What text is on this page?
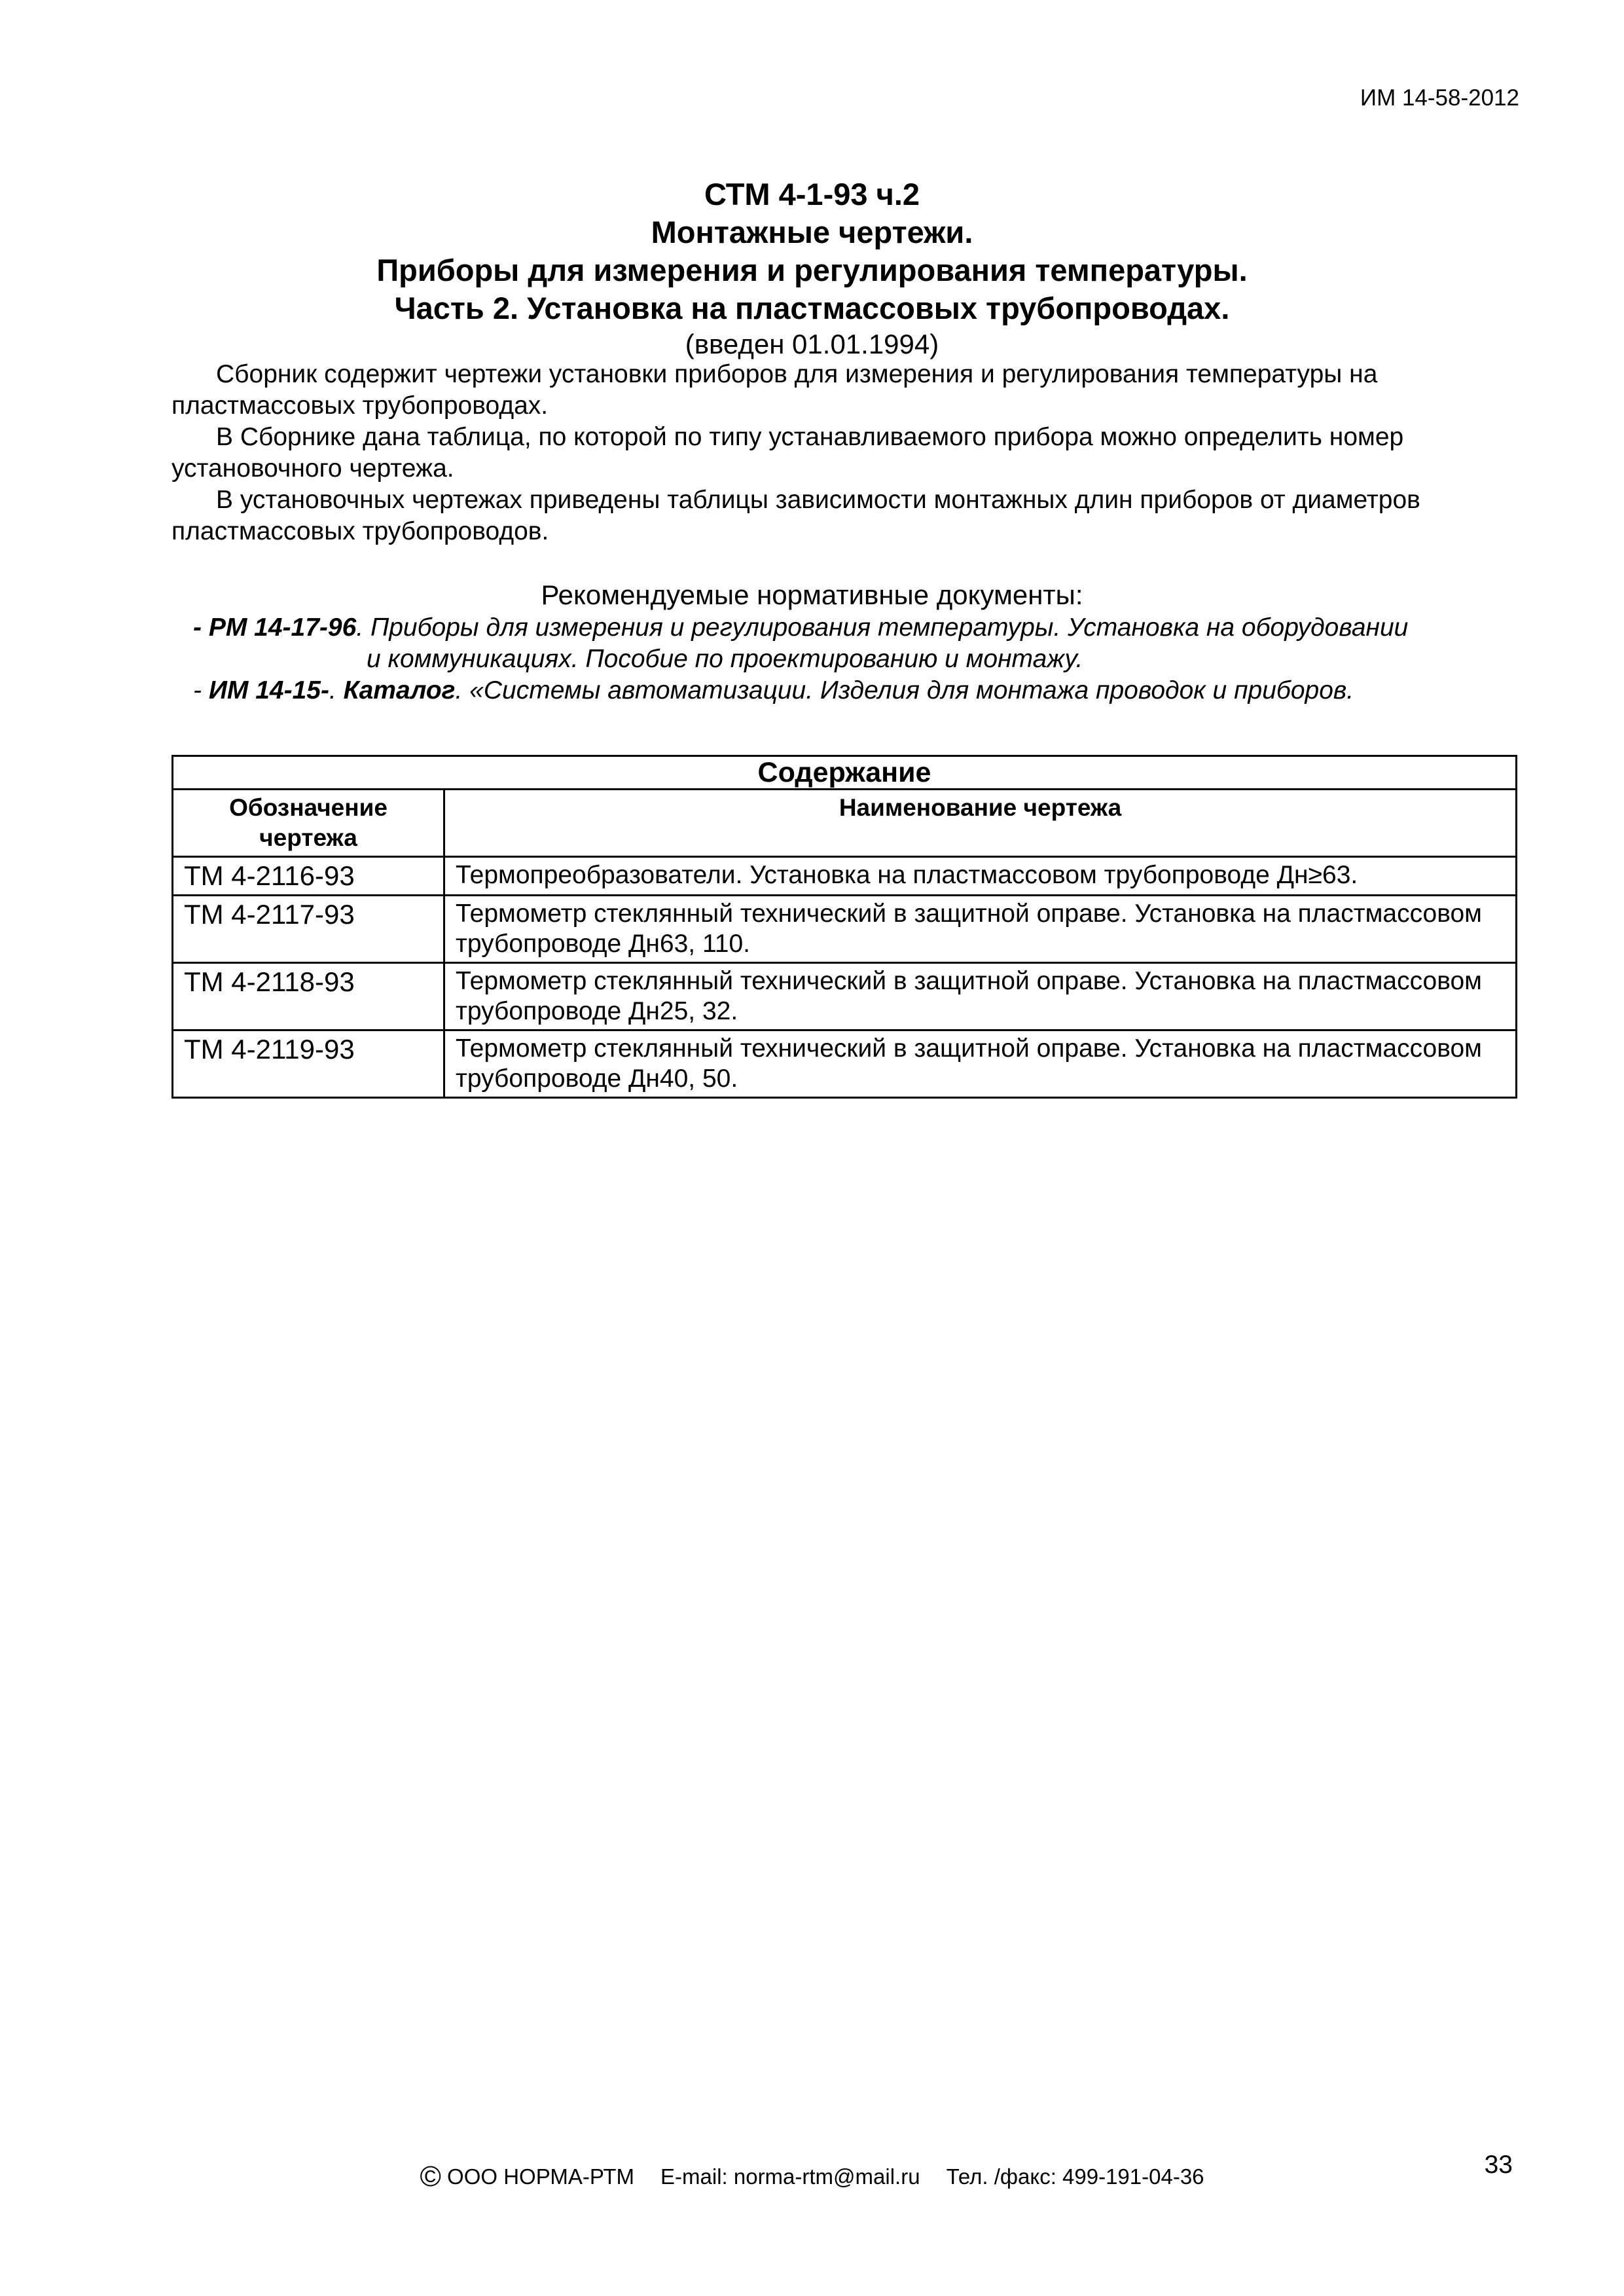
ИМ 14-58-2012
СТМ 4-1-93 ч.2
Монтажные чертежи.
Приборы для измерения и регулирования температуры.
Часть 2. Установка на пластмассовых трубопроводах.
(введен 01.01.1994)

Сборник содержит чертежи установки приборов для измерения и регулирования температуры на пластмассовых трубопроводах.

В Сборнике дана таблица, по которой по типу устанавливаемого прибора можно определить номер установочного чертежа.

В установочных чертежах приведены таблицы зависимости монтажных длин приборов от диаметров пластмассовых трубопроводов.

Рекомендуемые нормативные документы:
- РМ 14-17-96. Приборы для измерения и регулирования температуры. Установка на оборудовании
и коммуникациях. Пособие по проектированию и монтажу.
- ИМ 14-15-. Каталог. «Системы автоматизации. Изделия для монтажа проводок и приборов.
Содержание	
Обозначение чертежа	Наименование чертежа
ТМ 4-2116-93	Термопреобразователи. Установка на пластмассовом трубопроводе Дн≥63.
ТМ 4-2117-93	Термометр стеклянный технический в защитной оправе. Установка на пластмассовом трубопроводе Дн63, 110.
ТМ 4-2118-93	Термометр стеклянный технический в защитной оправе. Установка на пластмассовом трубопроводе Дн25, 32.
ТМ 4-2119-93	Термометр стеклянный технический в защитной оправе. Установка на пластмассовом трубопроводе Дн40, 50.
© ООО НОРМА-РТМ E-mail: norma-rtm@mail.ru Тел. /факс: 499-191-04-36	33
